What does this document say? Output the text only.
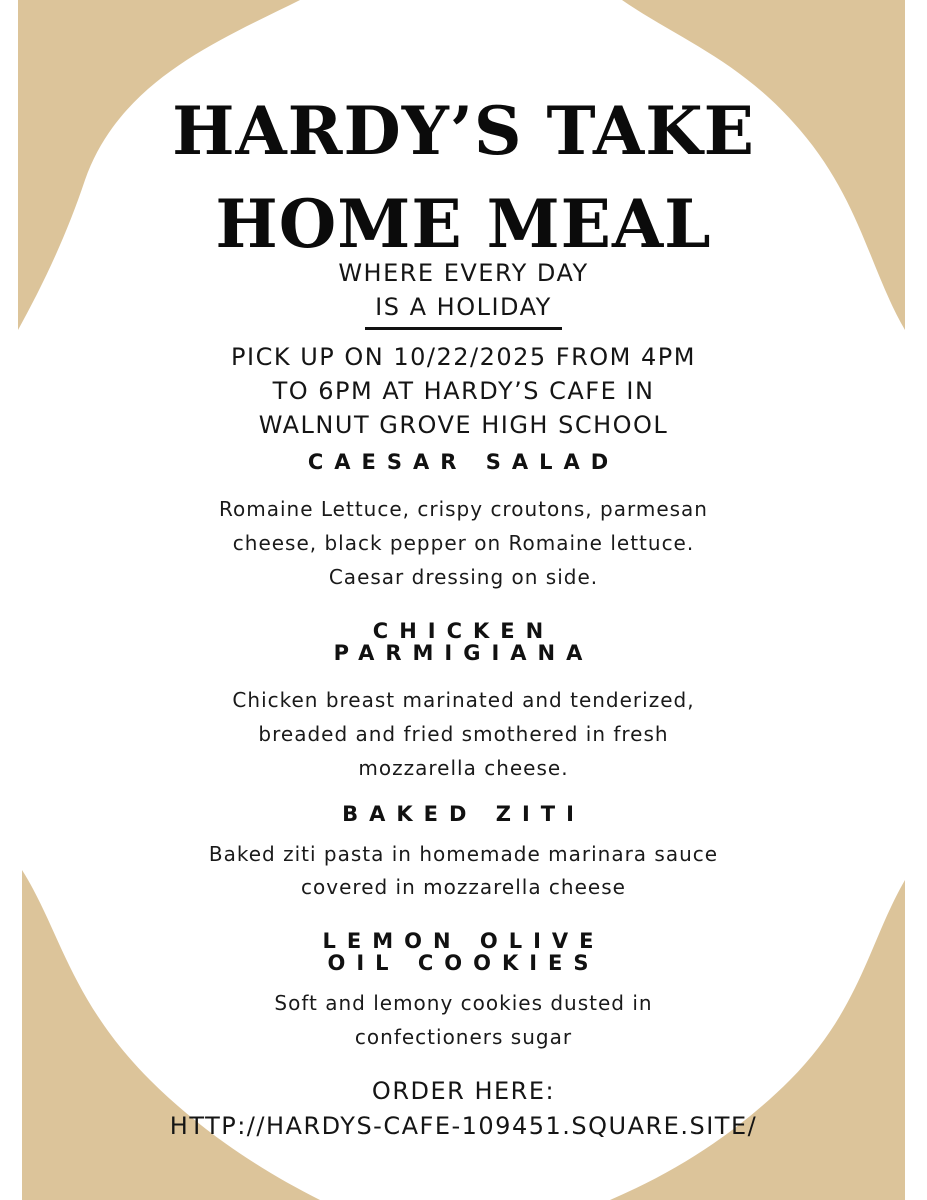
HARDY’S TAKE
HOME MEAL
WHERE EVERY DAY
IS A HOLIDAY
PICK UP ON 10/22/2025 FROM 4PM
TO 6PM AT HARDY’S CAFE IN
WALNUT GROVE HIGH SCHOOL
CAESAR SALAD
Romaine Lettuce, crispy croutons, parmesan
cheese, black pepper on Romaine lettuce.
Caesar dressing on side.
CHICKEN
PARMIGIANA
Chicken breast marinated and tenderized,
breaded and fried smothered in fresh
mozzarella cheese.
BAKED ZITI
Baked ziti pasta in homemade marinara sauce
covered in mozzarella cheese
LEMON OLIVE
OIL COOKIES
Soft and lemony cookies dusted in
confectioners sugar
ORDER HERE:
HTTP://HARDYS-CAFE-109451.SQUARE.SITE/
